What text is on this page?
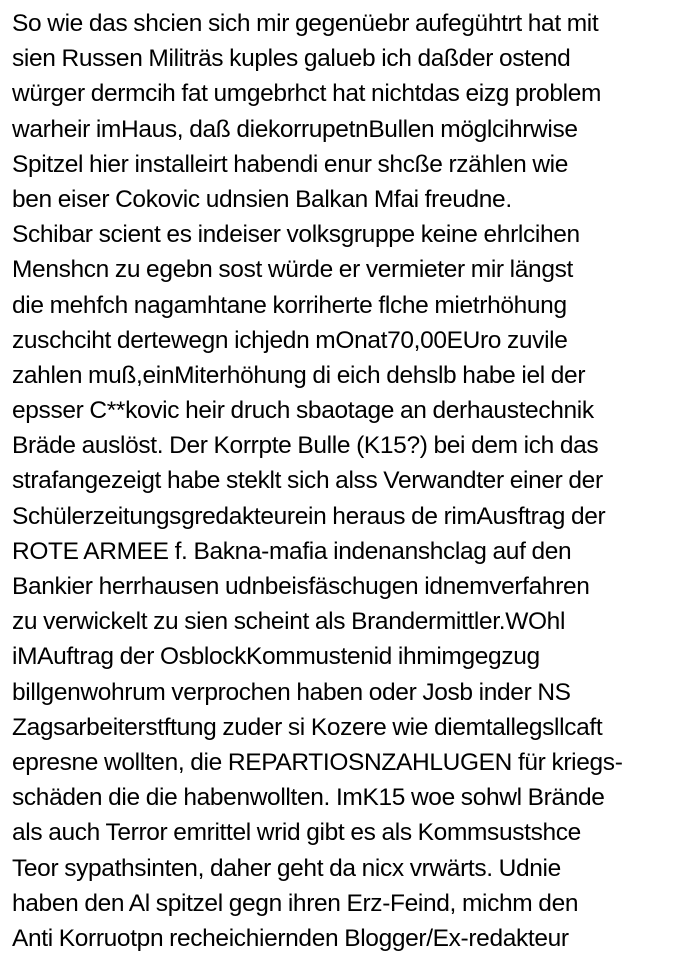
So wie das shcien sich mir gegenüebr aufegühtrt hat mit
sien Russen Militräs kuples galueb ich daßder ostend
würger dermcih fat umgebrhct hat nichtdas eizg problem
warheir imHaus, daß diekorrupetnBullen möglcihrwise
Spitzel hier installeirt habendi enur shcße rzählen wie
ben eiser Cokovic udnsien Balkan Mfai freudne.
Schibar scient es indeiser volksgruppe keine ehrlcihen
Menshcn zu egebn sost würde er vermieter mir längst
die mehfch nagamhtane korriherte flche mietrhöhung
zuschciht dertewegn ichjedn mOnat70,00EUro zuvile
zahlen muß,einMiterhöhung di eich dehslb habe iel der
epsser C**kovic heir druch sbaotage an derhaustechnik
Bräde auslöst. Der Korrpte Bulle (K15?) bei dem ich das
strafangezeigt habe steklt sich alss Verwandter einer der
Schülerzeitungsgredakteurein heraus de rimAusftrag der
ROTE ARMEE f. Bakna-mafia indenanshclag auf den
Bankier herrhausen udnbeisfäschugen idnemverfahren
zu verwickelt zu sien scheint als Brandermittler.WOhl
iMAuftrag der OsblockKommustenid ihmimgegzug
billgenwohrum verprochen haben oder Josb inder NS
Zagsarbeiterstftung zuder si Kozere wie diemtallegsllcaft
epresne wollten, die REPARTIOSNZAHLUGEN für kriegs-
schäden die die habenwollten. ImK15 woe sohwl Brände
als auch Terror emrittel wrid gibt es als Kommsustshce
Teor sypathsinten, daher geht da nicx vrwärts. Udnie
haben den Al spitzel gegn ihren Erz-Feind, michm den
Anti Korruotpn recheichiernden Blogger/Ex-redakteur
